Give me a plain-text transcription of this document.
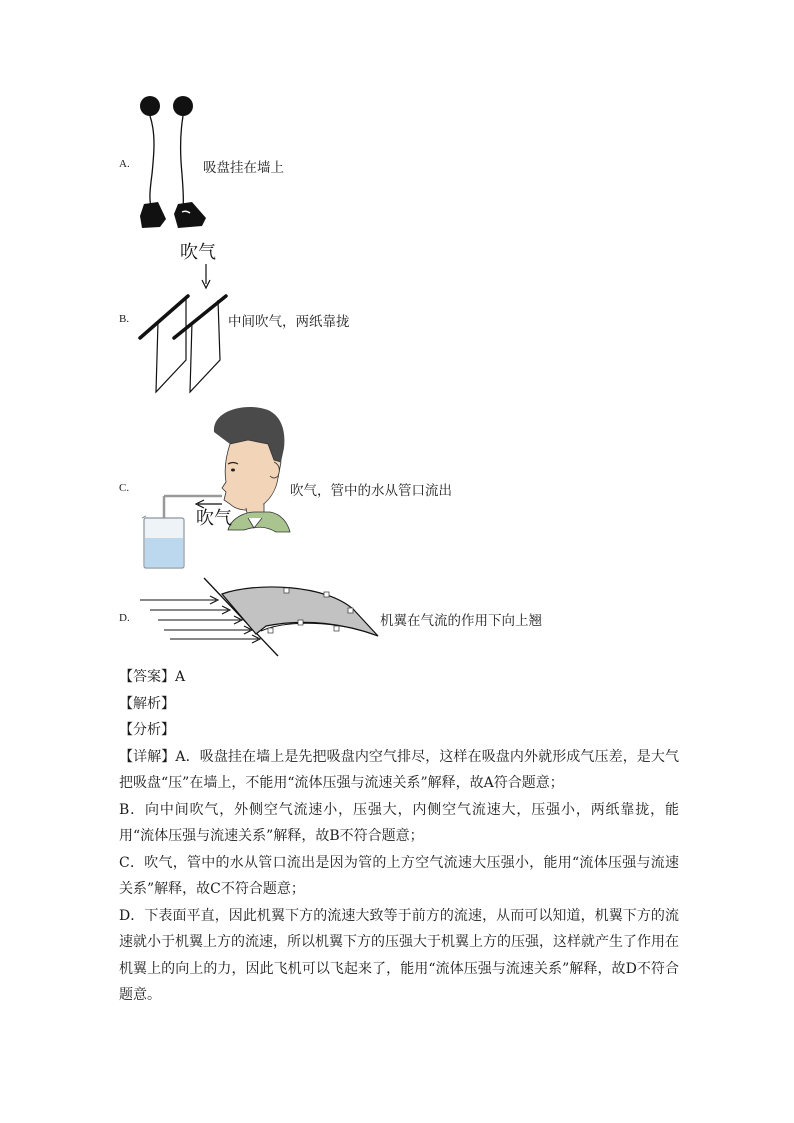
A.	吸盘挂在墙上
B.
吹气
中间吹气，两纸靠拢
C.
吹气
吹气，管中的水从管口流出
D.	机翼在气流的作用下向上翘

【答案】A

【解析】

【分析】

【详解】A．吸盘挂在墙上是先把吸盘内空气排尽，这样在吸盘内外就形成气压差，是大气把吸盘“压”在墙上，不能用“流体压强与流速关系”解释，故A符合题意；

B．向中间吹气，外侧空气流速小，压强大，内侧空气流速大，压强小，两纸靠拢，能用“流体压强与流速关系”解释，故B不符合题意；

C．吹气，管中的水从管口流出是因为管的上方空气流速大压强小，能用“流体压强与流速关系”解释，故C不符合题意；

D．下表面平直，因此机翼下方的流速大致等于前方的流速，从而可以知道，机翼下方的流速就小于机翼上方的流速，所以机翼下方的压强大于机翼上方的压强，这样就产生了作用在机翼上的向上的力，因此飞机可以飞起来了，能用“流体压强与流速关系”解释，故D不符合题意。
